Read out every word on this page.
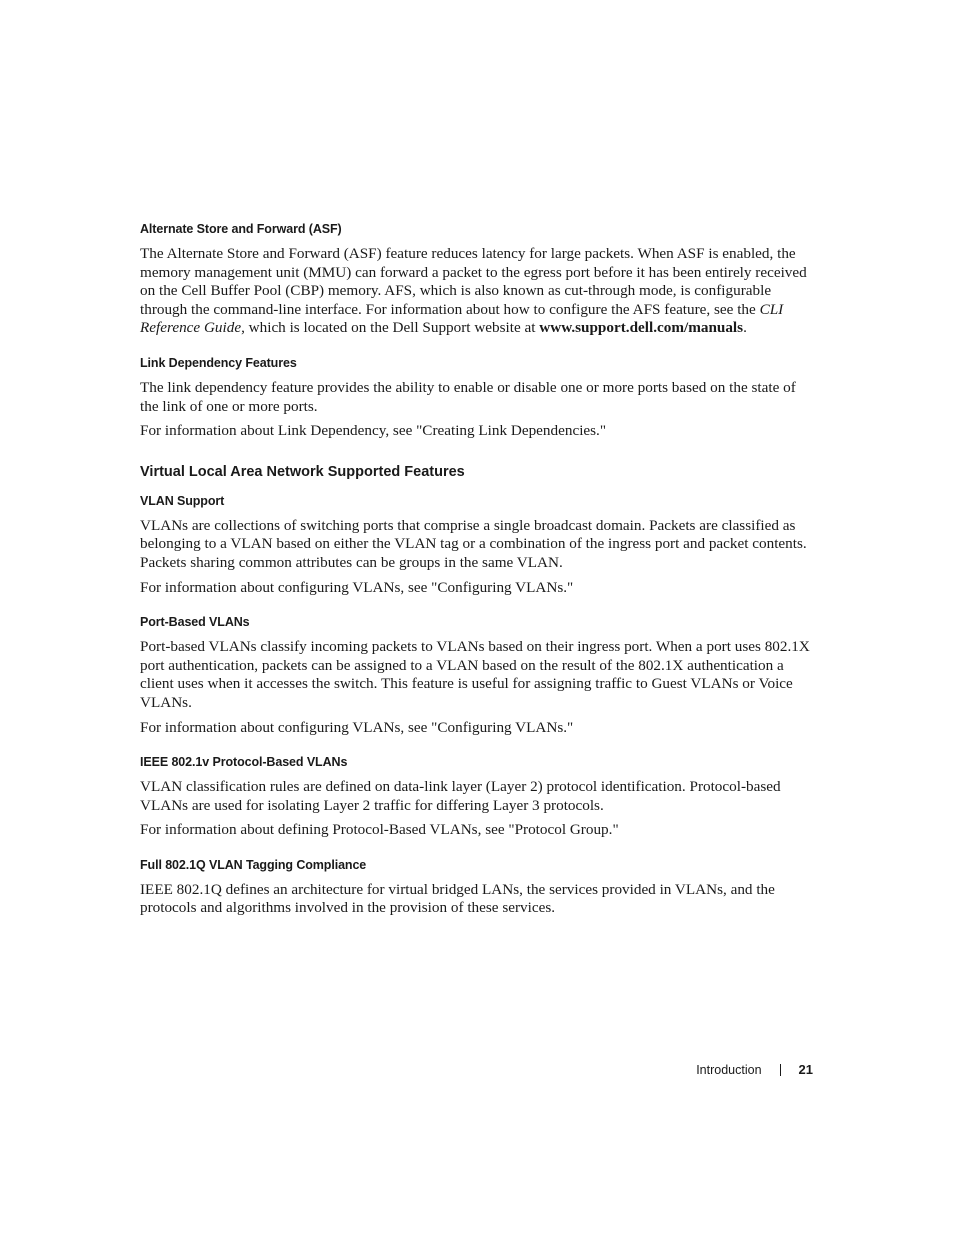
Alternate Store and Forward (ASF)

The Alternate Store and Forward (ASF) feature reduces latency for large packets. When ASF is enabled, the memory management unit (MMU) can forward a packet to the egress port before it has been entirely received on the Cell Buffer Pool (CBP) memory. AFS, which is also known as cut-through mode, is configurable through the command-line interface. For information about how to configure the AFS feature, see the CLI Reference Guide, which is located on the Dell Support website at www.support.dell.com/manuals.

Link Dependency Features

The link dependency feature provides the ability to enable or disable one or more ports based on the state of the link of one or more ports.

For information about Link Dependency, see "Creating Link Dependencies."

Virtual Local Area Network Supported Features
VLAN Support

VLANs are collections of switching ports that comprise a single broadcast domain. Packets are classified as belonging to a VLAN based on either the VLAN tag or a combination of the ingress port and packet contents. Packets sharing common attributes can be groups in the same VLAN.

For information about configuring VLANs, see "Configuring VLANs."

Port-Based VLANs

Port-based VLANs classify incoming packets to VLANs based on their ingress port. When a port uses 802.1X port authentication, packets can be assigned to a VLAN based on the result of the 802.1X authentication a client uses when it accesses the switch. This feature is useful for assigning traffic to Guest VLANs or Voice VLANs.

For information about configuring VLANs, see "Configuring VLANs."

IEEE 802.1v Protocol-Based VLANs

VLAN classification rules are defined on data-link layer (Layer 2) protocol identification. Protocol-based VLANs are used for isolating Layer 2 traffic for differing Layer 3 protocols.

For information about defining Protocol-Based VLANs, see "Protocol Group."

Full 802.1Q VLAN Tagging Compliance

IEEE 802.1Q defines an architecture for virtual bridged LANs, the services provided in VLANs, and the protocols and algorithms involved in the provision of these services.

Introduction	21
